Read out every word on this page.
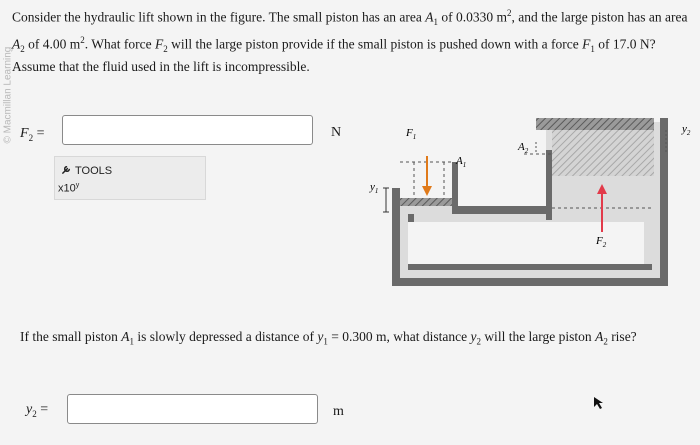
© Macmillan Learning
Consider the hydraulic lift shown in the figure. The small piston has an area $A_1$ of 0.0330 $m^2$, and the large piston has an area $A_2$ of 4.00 $m^2$. What force $F_2$ will the large piston provide if the small piston is pushed down with a force $F_1$ of 17.0 N?
Assume that the fluid used in the lift is incompressible.
$F_2$ =	N
TOOLS
x10$^y$
$F_1$
$A_1$
$A_2$
$y_1$
$y_2$
$F_2$
If the small piston $A_1$ is slowly depressed a distance of $y_1 = 0.300$ m, what distance $y_2$ will the large piston $A_2$ rise?
$y_2$ =	m
